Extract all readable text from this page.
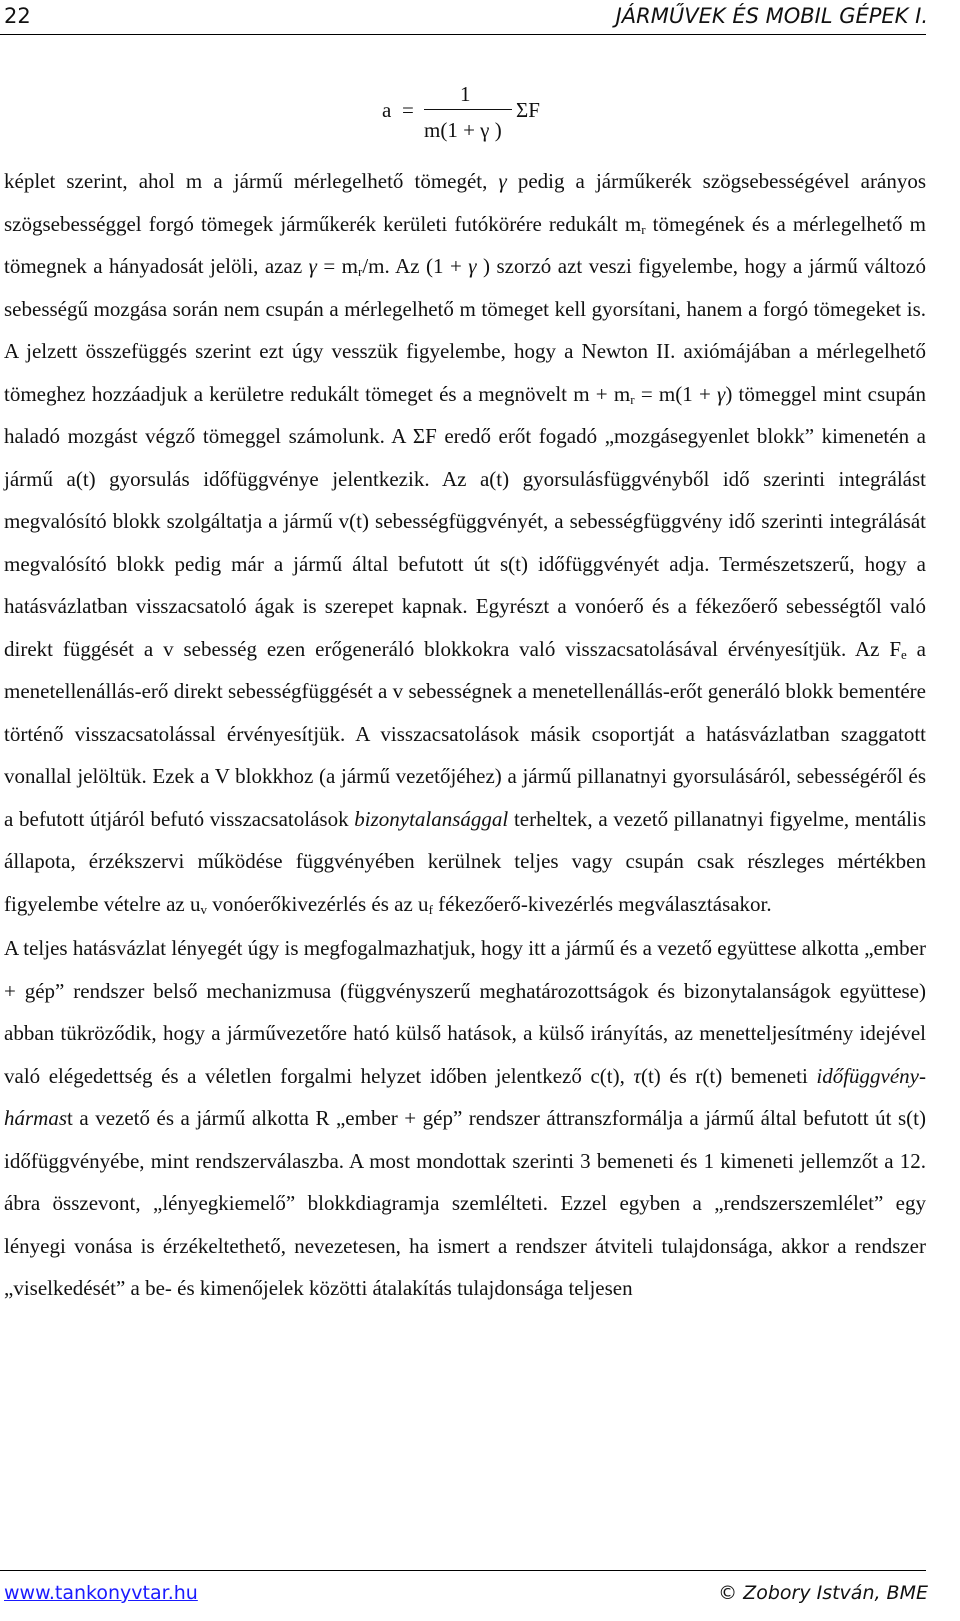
22	JÁRMŰVEK ÉS MOBIL GÉPEK I.
a =
1
m(1 + γ )
ΣF

képlet szerint, ahol m a jármű mérlegelhető tömegét, γ pedig a járműkerék szögsebességével arányos szögsebességgel forgó tömegek járműkerék kerületi futókörére redukált $m_r$ tömegének és a mérlegelhető m tömegnek a hányadosát jelöli, azaz $\gamma = m_r/m$. Az (1 + γ ) szorzó azt veszi figyelembe, hogy a jármű változó sebességű mozgása során nem csupán a mérlegelhető m tömeget kell gyorsítani, hanem a forgó tömegeket is. A jelzett összefüggés szerint ezt úgy vesszük figyelembe, hogy a Newton II. axiómájában a mérlegelhető tömeghez hozzáadjuk a kerületre redukált tömeget és a megnövelt $m + m_r = m(1 + \gamma)$ tömeggel mint csupán haladó mozgást végző tömeggel számolunk. A ΣF eredő erőt fogadó „mozgásegyenlet blokk” kimenetén a jármű a(t) gyorsulás időfüggvénye jelentkezik. Az a(t) gyorsulásfüggvényből idő szerinti integrálást megvalósító blokk szolgáltatja a jármű v(t) sebességfüggvényét, a sebességfüggvény idő szerinti integrálását megvalósító blokk pedig már a jármű által befutott út s(t) időfüggvényét adja. Természetszerű, hogy a hatásvázlatban visszacsatoló ágak is szerepet kapnak. Egyrészt a vonóerő és a fékezőerő sebességtől való direkt függését a v sebesség ezen erőgeneráló blokkokra való visszacsatolásával érvényesítjük. Az $F_e$ a menetellenállás-erő direkt sebességfüggését a v sebességnek a menetellenállás-erőt generáló blokk bementére történő visszacsatolással érvényesítjük. A visszacsatolások másik csoportját a hatásvázlatban szaggatott vonallal jelöltük. Ezek a V blokkhoz (a jármű vezetőjéhez) a jármű pillanatnyi gyorsulásáról, sebességéről és a befutott útjáról befutó visszacsatolások bizonytalansággal terheltek, a vezető pillanatnyi figyelme, mentális állapota, érzékszervi működése függvényében kerülnek teljes vagy csupán csak részleges mértékben figyelembe vételre az $u_v$ vonóerőkivezérlés és az $u_f$ fékezőerő-kivezérlés megválasztásakor.

A teljes hatásvázlat lényegét úgy is megfogalmazhatjuk, hogy itt a jármű és a vezető együttese alkotta „ember + gép” rendszer belső mechanizmusa (függvényszerű meghatározottságok és bizonytalanságok együttese) abban tükröződik, hogy a járművezetőre ható külső hatások, a külső irányítás, az menetteljesítmény idejével való elégedettség és a véletlen forgalmi helyzet időben jelentkező c(t), τ(t) és r(t) bemeneti időfüggvény-hármast a vezető és a jármű alkotta R „ember + gép” rendszer áttranszformálja a jármű által befutott út s(t) időfüggvényébe, mint rendszerválaszba. A most mondottak szerinti 3 bemeneti és 1 kimeneti jellemzőt a 12. ábra összevont, „lényegkiemelő” blokkdiagramja szemlélteti. Ezzel egyben a „rendszerszemlélet” egy lényegi vonása is érzékeltethető, nevezetesen, ha ismert a rendszer átviteli tulajdonsága, akkor a rendszer „viselkedését” a be- és kimenőjelek közötti átalakítás tulajdonsága teljesen

www.tankonyvtar.hu	© Zobory István, BME
